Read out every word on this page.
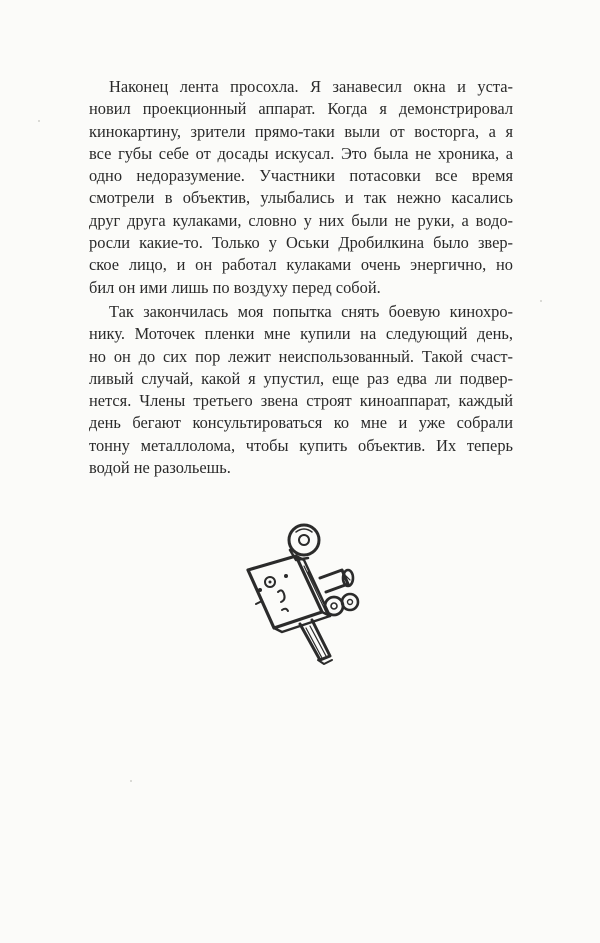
Наконец лента просохла. Я занавесил окна и уста-
новил проекционный аппарат. Когда я демонстрировал
кинокартину, зрители прямо-таки выли от восторга, а я
все губы себе от досады искусал. Это была не хроника, а
одно недоразумение. Участники потасовки все время
смотрели в объектив, улыбались и так нежно касались
друг друга кулаками, словно у них были не руки, а водо-
росли какие-то. Только у Оськи Дробилкина было звер-
ское лицо, и он работал кулаками очень энергично, но
бил он ими лишь по воздуху перед собой.
Так закончилась моя попытка снять боевую кинохро-
нику. Моточек пленки мне купили на следующий день,
но он до сих пор лежит неиспользованный. Такой счаст-
ливый случай, какой я упустил, еще раз едва ли подвер-
нется. Члены третьего звена строят киноаппарат, каждый
день бегают консультироваться ко мне и уже собрали
тонну металлолома, чтобы купить объектив. Их теперь
водой не разольешь.
